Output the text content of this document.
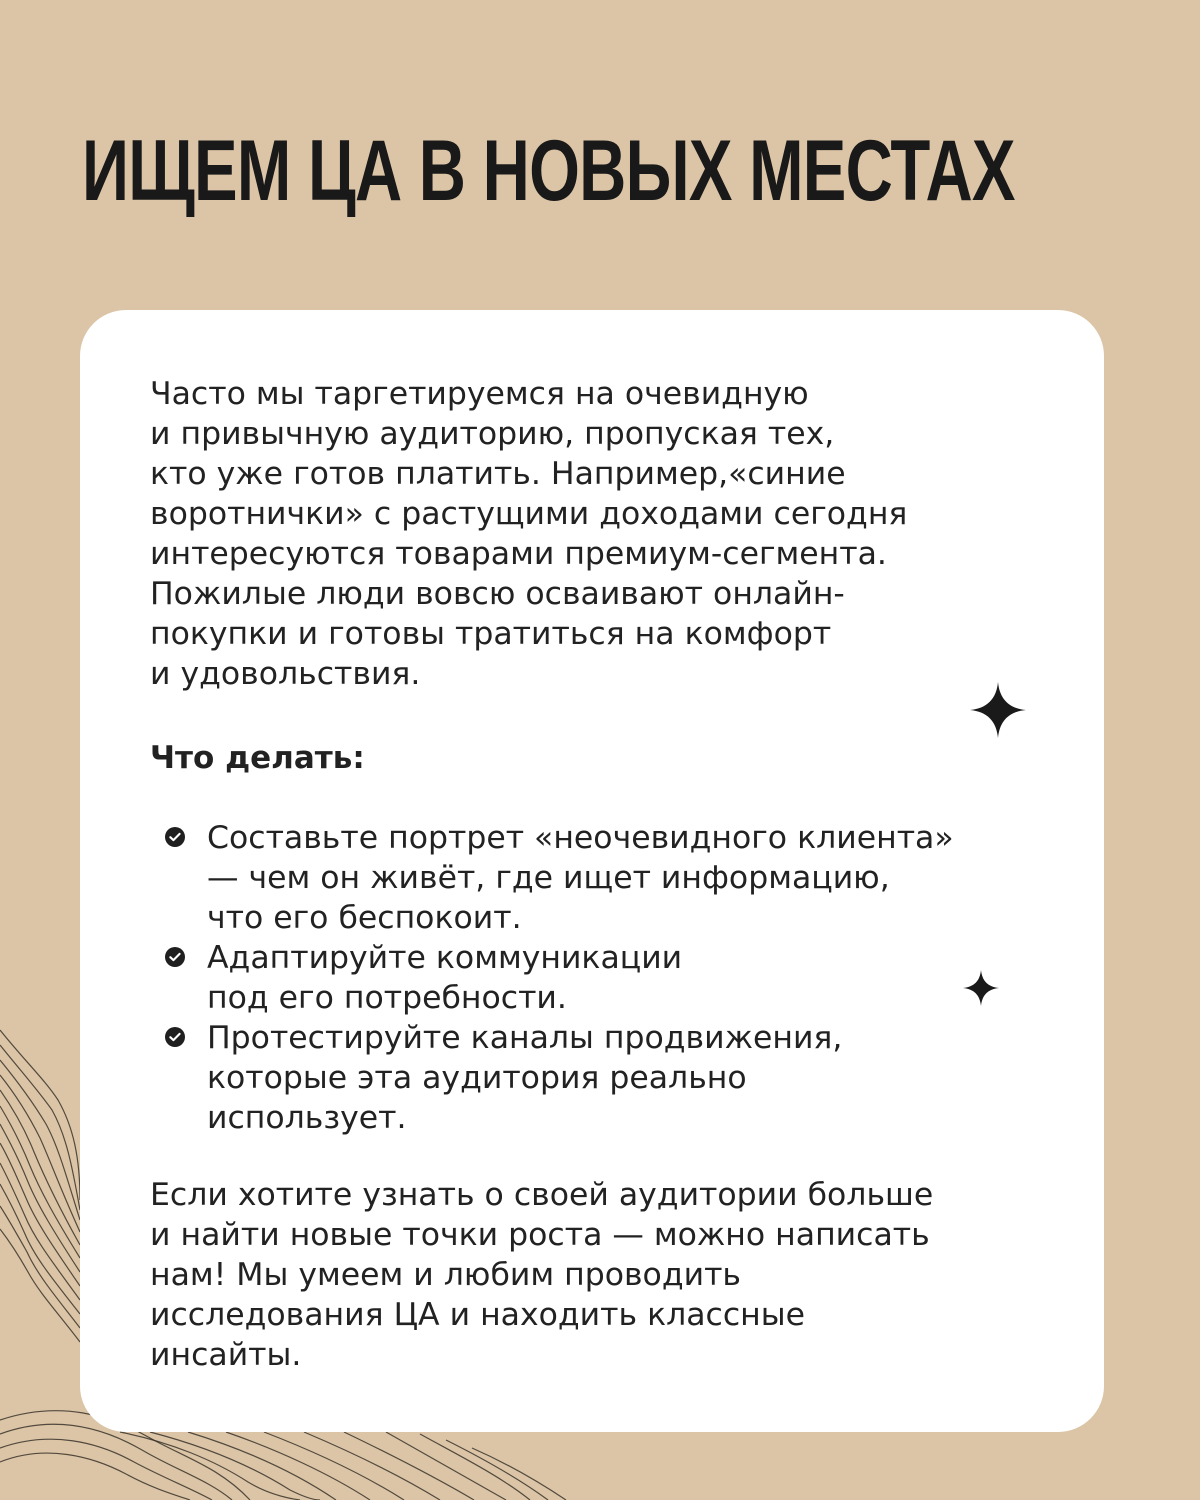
ИЩЕМ ЦА В НОВЫХ МЕСТАХ
Часто мы таргетируемся на очевидную
и привычную аудиторию, пропуская тех,
кто уже готов платить. Например,«синие
воротнички» с растущими доходами сегодня
интересуются товарами премиум-сегмента.
Пожилые люди вовсю осваивают онлайн-
покупки и готовы тратиться на комфорт
и удовольствия.
Что делать:
Составьте портрет «неочевидного клиента»
— чем он живёт, где ищет информацию,
что его беспокоит.
Адаптируйте коммуникации
под его потребности.
Протестируйте каналы продвижения,
которые эта аудитория реально
использует.
Если хотите узнать о своей аудитории больше
и найти новые точки роста — можно написать
нам! Мы умеем и любим проводить
исследования ЦА и находить классные
инсайты.
